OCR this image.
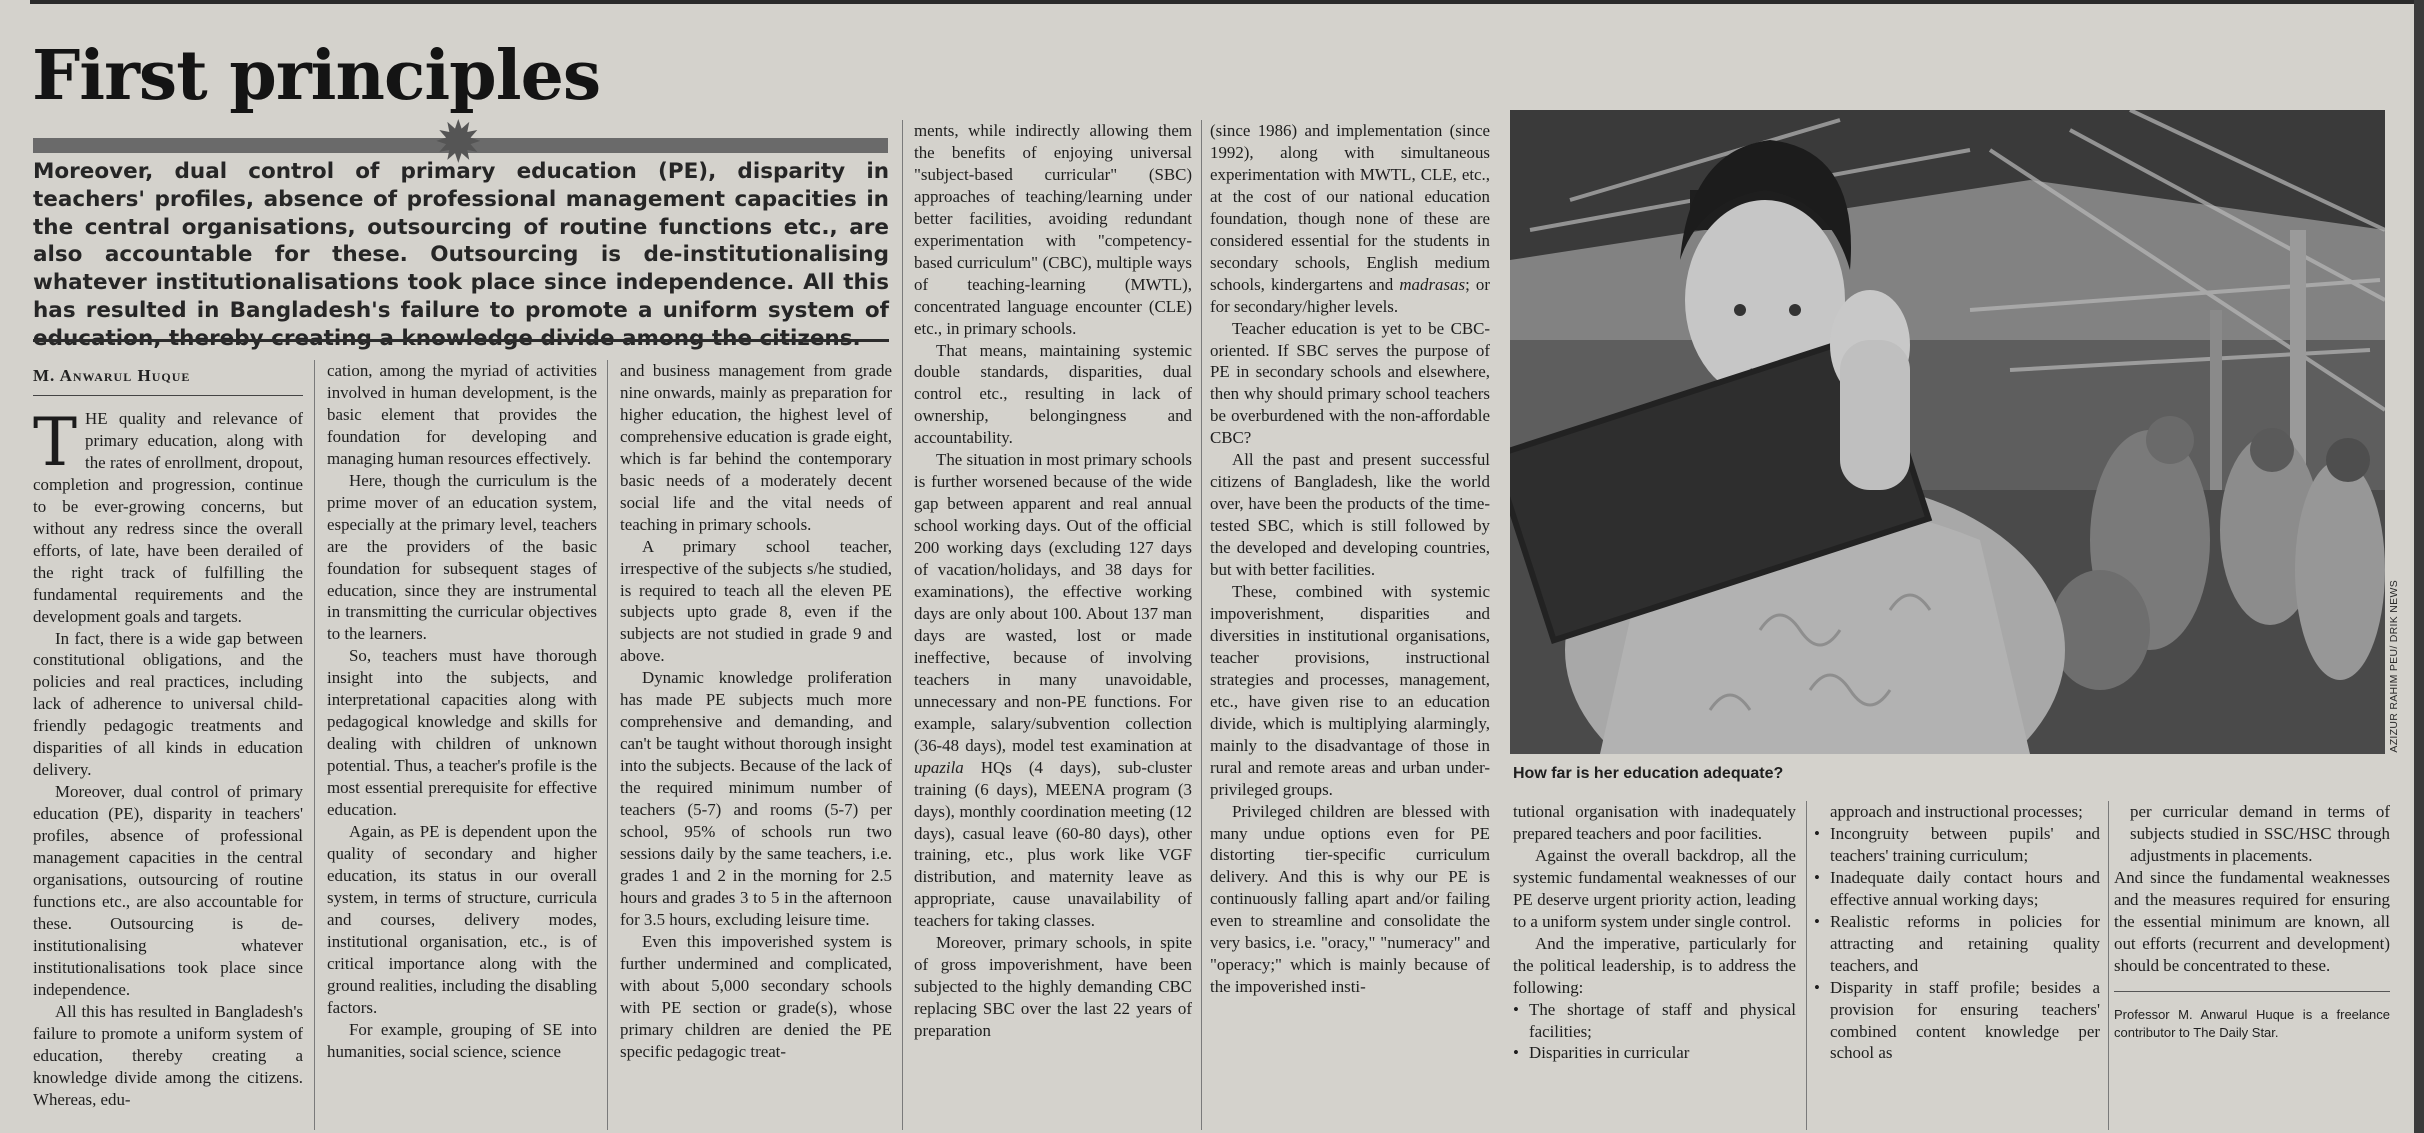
First principles
✹
Moreover, dual control of primary education (PE), disparity in teachers' profiles, absence of professional management capacities in the central organisations, outsourcing of routine functions etc., are also accountable for these. Outsourcing is de-institutionalising whatever institutionalisations took place since independence. All this has resulted in Bangladesh's failure to promote a uniform system of
M. Anwarul Huque

THE quality and relevance of primary education, along with the rates of enrollment, dropout, completion and progression, continue to be ever-growing concerns, but without any redress since the overall efforts, of late, have been derailed of the right track of fulfilling the fundamental requirements and the development goals and targets.

In fact, there is a wide gap between constitutional obligations, and the policies and real practices, including lack of adherence to universal child-friendly pedagogic treatments and disparities of all kinds in education delivery.

Moreover, dual control of primary education (PE), disparity in teachers' profiles, absence of professional management capacities in the central organisations, outsourcing of routine functions etc., are also accountable for these. Outsourcing is de-institutionalising whatever institutionalisations took place since independence.

All this has resulted in Bangladesh's failure to promote a uniform system of education, thereby creating a knowledge divide among the citizens. Whereas, edu-

cation, among the myriad of activities involved in human development, is the basic element that provides the foundation for developing and managing human resources effectively.

Here, though the curriculum is the prime mover of an education system, especially at the primary level, teachers are the providers of the basic foundation for subsequent stages of education, since they are instrumental in transmitting the curricular objectives to the learners.

So, teachers must have thorough insight into the subjects, and interpretational capacities along with pedagogical knowledge and skills for dealing with children of unknown potential. Thus, a teacher's profile is the most essential prerequisite for effective education.

Again, as PE is dependent upon the quality of secondary and higher education, its status in our overall system, in terms of structure, curricula and courses, delivery modes, institutional organisation, etc., is of critical importance along with the ground realities, including the disabling factors.

For example, grouping of SE into humanities, social science, science

and business management from grade nine onwards, mainly as preparation for higher education, the highest level of comprehensive education is grade eight, which is far behind the contemporary basic needs of a moderately decent social life and the vital needs of teaching in primary schools.

A primary school teacher, irrespective of the subjects s/he studied, is required to teach all the eleven PE subjects upto grade 8, even if the subjects are not studied in grade 9 and above.

Dynamic knowledge proliferation has made PE subjects much more comprehensive and demanding, and can't be taught without thorough insight into the subjects. Because of the lack of the required minimum number of teachers (5-7) and rooms (5-7) per school, 95% of schools run two sessions daily by the same teachers, i.e. grades 1 and 2 in the morning for 2.5 hours and grades 3 to 5 in the afternoon for 3.5 hours, excluding leisure time.

Even this impoverished system is further undermined and complicated, with about 5,000 secondary schools with PE section or grade(s), whose primary children are denied the PE specific pedagogic treat-

ments, while indirectly allowing them the benefits of enjoying universal "subject-based curricular" (SBC) approaches of teaching/learning under better facilities, avoiding redundant experimentation with "competency-based curriculum" (CBC), multiple ways of teaching-learning (MWTL), concentrated language encounter (CLE) etc., in primary schools.

That means, maintaining systemic double standards, disparities, dual control etc., resulting in lack of ownership, belongingness and accountability.

The situation in most primary schools is further worsened because of the wide gap between apparent and real annual school working days. Out of the official 200 working days (excluding 127 days of vacation/holidays, and 38 days for examinations), the effective working days are only about 100. About 137 man days are wasted, lost or made ineffective, because of involving teachers in many unavoidable, unnecessary and non-PE functions. For example, salary/subvention collection (36-48 days), model test examination at upazila HQs (4 days), sub-cluster training (6 days), MEENA program (3 days), monthly coordination meeting (12 days), casual leave (60-80 days), other training, etc., plus work like VGF distribution, and maternity leave as appropriate, cause unavailability of teachers for taking classes.

Moreover, primary schools, in spite of gross impoverishment, have been subjected to the highly demanding CBC replacing SBC over the last 22 years of preparation

(since 1986) and implementation (since 1992), along with simultaneous experimentation with MWTL, CLE, etc., at the cost of our national education foundation, though none of these are considered essential for the students in secondary schools, English medium schools, kindergartens and madrasas; or for secondary/higher levels.

Teacher education is yet to be CBC-oriented. If SBC serves the purpose of PE in secondary schools and elsewhere, then why should primary school teachers be overburdened with the non-affordable CBC?

All the past and present successful citizens of Bangladesh, like the world over, have been the products of the time-tested SBC, which is still followed by the developed and developing countries, but with better facilities.

These, combined with systemic impoverishment, disparities and diversities in institutional organisations, teacher provisions, instructional strategies and processes, management, etc., have given rise to an education divide, which is multiplying alarmingly, mainly to the disadvantage of those in rural and remote areas and urban under-privileged groups.

Privileged children are blessed with many undue options even for PE distorting tier-specific curriculum delivery. And this is why our PE is continuously falling apart and/or failing even to streamline and consolidate the very basics, i.e. "oracy," "numeracy" and "operacy;" which is mainly because of the impoverished insti-

AZIZUR RAHIM PEU/ DRIK NEWS
How far is her education adequate?

tutional organisation with inadequately prepared teachers and poor facilities.

Against the overall backdrop, all the systemic fundamental weaknesses of our PE deserve urgent priority action, leading to a uniform system under single control.

And the imperative, particularly for the political leadership, is to address the following:

• The shortage of staff and physical facilities;
• Disparities in curricular
approach and instructional processes;
• Incongruity between pupils' and teachers' training curriculum;
• Inadequate daily contact hours and effective annual working days;
• Realistic reforms in policies for attracting and retaining quality teachers, and
• Disparity in staff profile; besides a provision for ensuring teachers' combined content knowledge per school as
per curricular demand in terms of subjects studied in SSC/HSC through adjustments in placements.

And since the fundamental weaknesses and the measures required for ensuring the essential minimum are known, all out efforts (recurrent and development) should be concentrated to these.

Professor M. Anwarul Huque is a freelance contributor to The Daily Star.
